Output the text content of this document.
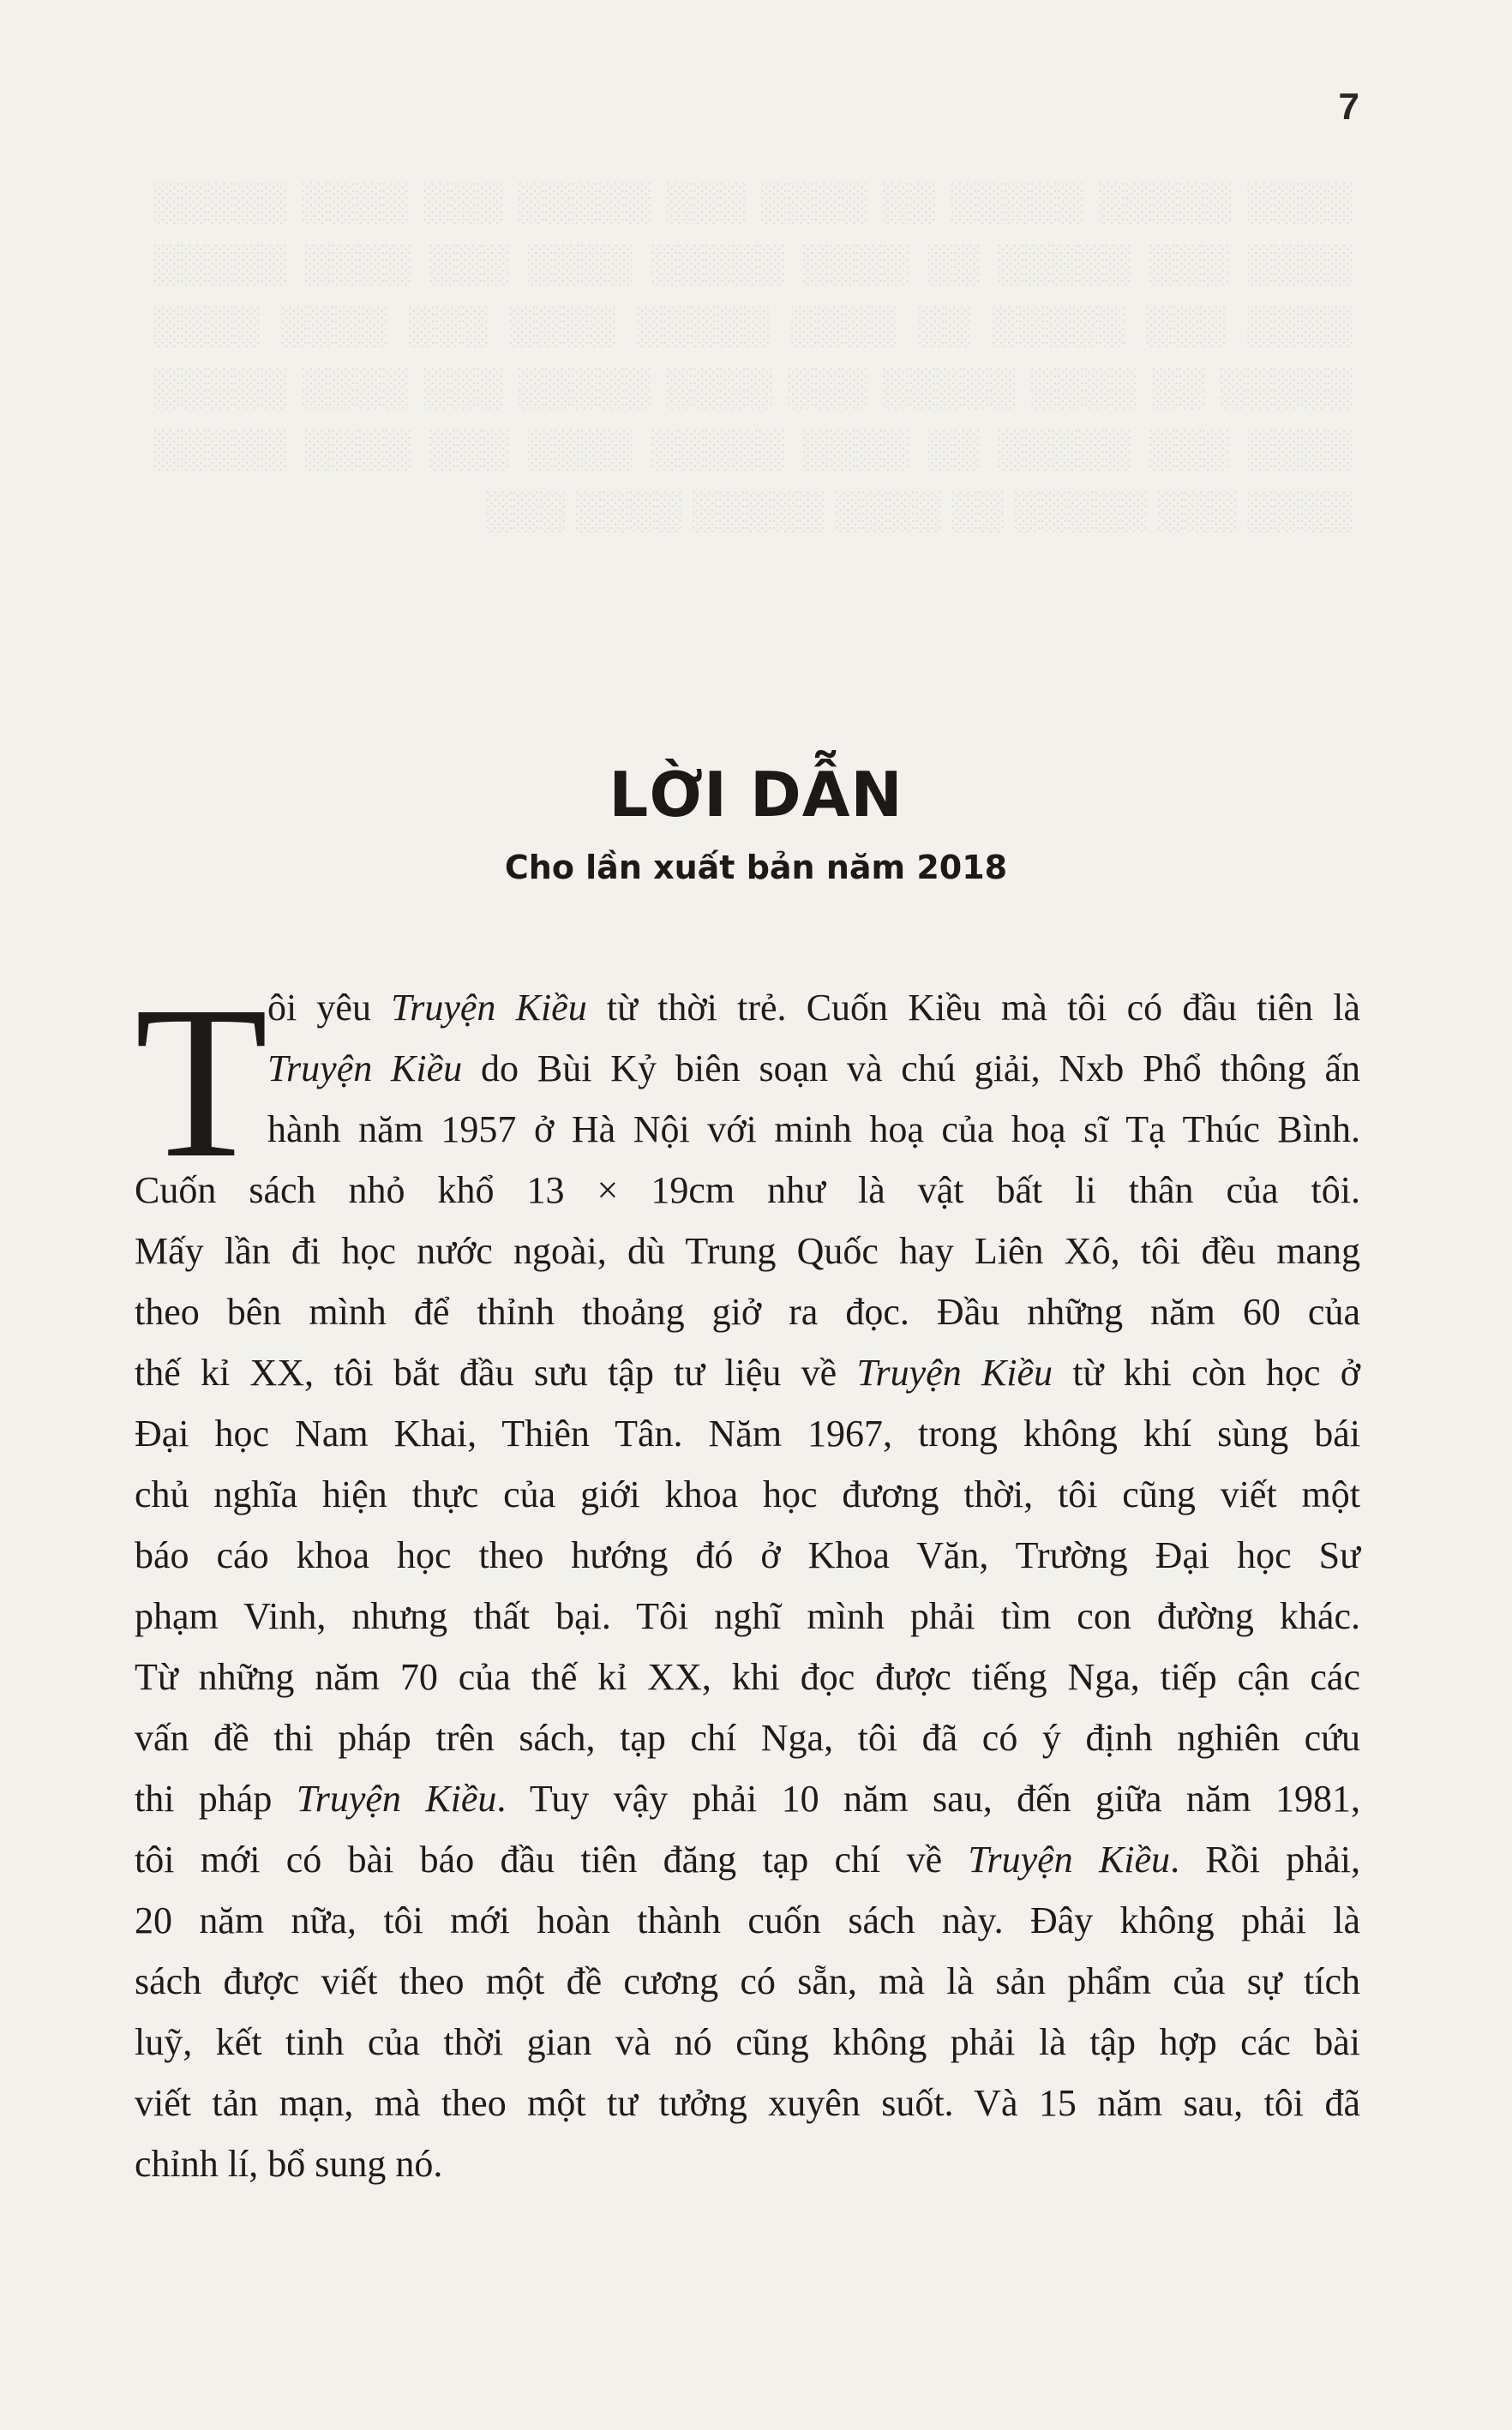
░░░░ ░░░░░ ░░░░░ ░░ ░░░░ ░░░ ░░░░░ ░░░ ░░░░ ░░░░░ ░░░░ ░░░ ░░░░░ ░░ ░░░░ ░░░░░ ░░░░ ░░░ ░░░░ ░░░░░ ░░░░ ░░░ ░░░░░ ░░ ░░░░ ░░░░░ ░░░░ ░░░ ░░░░ ░░░░ ░░░░░ ░░ ░░░░ ░░░░░ ░░░ ░░░░ ░░░░░ ░░░ ░░░░ ░░░░░ ░░░░ ░░░ ░░░░░ ░░ ░░░░ ░░░░░ ░░░░ ░░░ ░░░░ ░░░░░ ░░░░ ░░░ ░░░░░ ░░ ░░░░ ░░░░░ ░░░░ ░░░
7
LỜI DẪN
Cho lần xuất bản năm 2018
T ôi yêu Truyện Kiều từ thời trẻ. Cuốn Kiều mà tôi có đầu tiên là
Truyện Kiều do Bùi Kỷ biên soạn và chú giải, Nxb Phổ thông ấn
hành năm 1957 ở Hà Nội với minh hoạ của hoạ sĩ Tạ Thúc Bình.
Cuốn sách nhỏ khổ 13 × 19cm như là vật bất li thân của tôi.
Mấy lần đi học nước ngoài, dù Trung Quốc hay Liên Xô, tôi đều mang
theo bên mình để thỉnh thoảng giở ra đọc. Đầu những năm 60 của
thế kỉ XX, tôi bắt đầu sưu tập tư liệu về Truyện Kiều từ khi còn học ở
Đại học Nam Khai, Thiên Tân. Năm 1967, trong không khí sùng bái
chủ nghĩa hiện thực của giới khoa học đương thời, tôi cũng viết một
báo cáo khoa học theo hướng đó ở Khoa Văn, Trường Đại học Sư
phạm Vinh, nhưng thất bại. Tôi nghĩ mình phải tìm con đường khác.
Từ những năm 70 của thế kỉ XX, khi đọc được tiếng Nga, tiếp cận các
vấn đề thi pháp trên sách, tạp chí Nga, tôi đã có ý định nghiên cứu
thi pháp Truyện Kiều. Tuy vậy phải 10 năm sau, đến giữa năm 1981,
tôi mới có bài báo đầu tiên đăng tạp chí về Truyện Kiều. Rồi phải,
20 năm nữa, tôi mới hoàn thành cuốn sách này. Đây không phải là
sách được viết theo một đề cương có sẵn, mà là sản phẩm của sự tích
luỹ, kết tinh của thời gian và nó cũng không phải là tập hợp các bài
viết tản mạn, mà theo một tư tưởng xuyên suốt. Và 15 năm sau, tôi đã
chỉnh lí, bổ sung nó.
